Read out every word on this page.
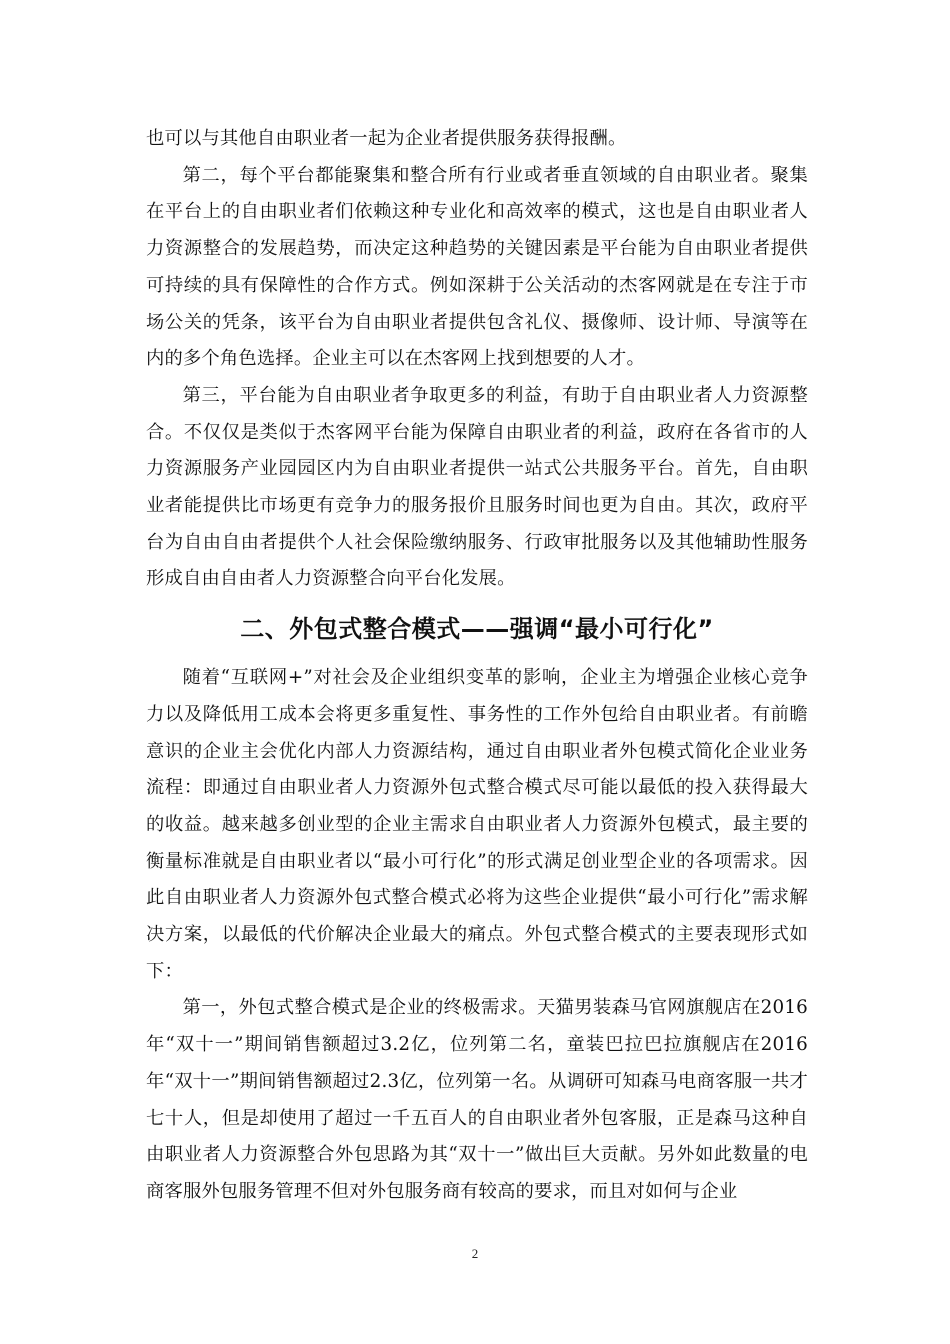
也可以与其他自由职业者一起为企业者提供服务获得报酬。

第二，每个平台都能聚集和整合所有行业或者垂直领域的自由职业者。聚集在平台上的自由职业者们依赖这种专业化和高效率的模式，这也是自由职业者人力资源整合的发展趋势，而决定这种趋势的关键因素是平台能为自由职业者提供可持续的具有保障性的合作方式。例如深耕于公关活动的杰客网就是在专注于市场公关的凭条，该平台为自由职业者提供包含礼仪、摄像师、设计师、导演等在内的多个角色选择。企业主可以在杰客网上找到想要的人才。

第三，平台能为自由职业者争取更多的利益，有助于自由职业者人力资源整合。不仅仅是类似于杰客网平台能为保障自由职业者的利益，政府在各省市的人力资源服务产业园园区内为自由职业者提供一站式公共服务平台。首先，自由职业者能提供比市场更有竞争力的服务报价且服务时间也更为自由。其次，政府平台为自由自由者提供个人社会保险缴纳服务、行政审批服务以及其他辅助性服务形成自由自由者人力资源整合向平台化发展。

二、外包式整合模式——强调“最小可行化”

随着“互联网+”对社会及企业组织变革的影响，企业主为增强企业核心竞争力以及降低用工成本会将更多重复性、事务性的工作外包给自由职业者。有前瞻意识的企业主会优化内部人力资源结构，通过自由职业者外包模式简化企业业务流程：即通过自由职业者人力资源外包式整合模式尽可能以最低的投入获得最大的收益。越来越多创业型的企业主需求自由职业者人力资源外包模式，最主要的衡量标准就是自由职业者以“最小可行化”的形式满足创业型企业的各项需求。因此自由职业者人力资源外包式整合模式必将为这些企业提供“最小可行化”需求解决方案，以最低的代价解决企业最大的痛点。外包式整合模式的主要表现形式如下：

第一，外包式整合模式是企业的终极需求。天猫男装森马官网旗舰店在2016年“双十一”期间销售额超过3.2亿，位列第二名，童装巴拉巴拉旗舰店在2016年“双十一”期间销售额超过2.3亿，位列第一名。从调研可知森马电商客服一共才七十人，但是却使用了超过一千五百人的自由职业者外包客服，正是森马这种自由职业者人力资源整合外包思路为其“双十一”做出巨大贡献。另外如此数量的电商客服外包服务管理不但对外包服务商有较高的要求，而且对如何与企业

2
